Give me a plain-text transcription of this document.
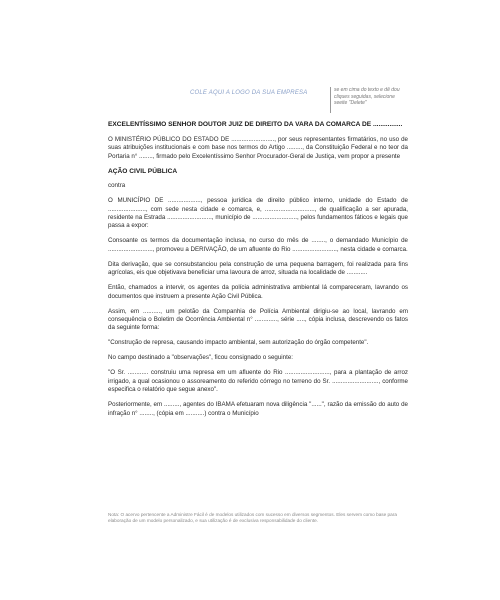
COLE AQUI A LOGO DA SUA EMPRESA	se em cima do texto e dê dou
cliques seguidas, selecione
seeite "Delete"

EXCELENTÍSSIMO SENHOR DOUTOR JUIZ DE DIREITO DA VARA DA COMARCA DE ................

O MINISTÉRIO PÚBLICO DO ESTADO DE ........................., por seus representantes firmatários, no uso de suas atribuições institucionais e com base nos termos do Artigo ........., da Constituição Federal e no teor da Portaria n° ........, firmado pelo Excelentíssimo Senhor Procurador-Geral de Justiça, vem propor a presente

AÇÃO CIVIL PÚBLICA

contra

O MUNICÍPIO DE ..................., pessoa jurídica de direito público interno, unidade do Estado de ......................, com sede nesta cidade e comarca, e, ............................., de qualificação a ser apurada, residente na Estrada .........................., município de .........................., pelos fundamentos fáticos e legais que passa a expor:

Consoante os termos da documentação inclusa, no curso do mês de ........, o demandado Município de .........................., promoveu a DERIVAÇÃO, de um afluente do Rio .........................., nesta cidade e comarca.

Dita derivação, que se consubstanciou pela construção de uma pequena barragem, foi realizada para fins agrícolas, eis que objetivava beneficiar uma lavoura de arroz, situada na localidade de ............

Então, chamados a intervir, os agentes da polícia administrativa ambiental lá compareceram, lavrando os documentos que instruem a presente Ação Civil Pública.

Assim, em .........., um pelotão da Companhia de Polícia Ambiental dirigiu-se ao local, lavrando em consequência o Boletim de Ocorrência Ambiental n° ............., série ....., cópia inclusa, descrevendo os fatos da seguinte forma:

"Construção de represa, causando impacto ambiental, sem autorização do órgão competente".

No campo destinado a "observações", ficou consignado o seguinte:

"O Sr. ............ construiu uma represa em um afluente do Rio .........................., para a plantação de arroz irrigado, a qual ocasionou o assoreamento do referido córrego no terreno do Sr. ..........................., conforme especifica o relatório que segue anexo".

Posteriormente, em ........., agentes do IBAMA efetuaram nova diligência "......", razão da emissão do auto de infração n° ........, (cópia em ...........) contra o Município

Nota: O acervo pertencente a Administre Fácil é de modelos utilizados com sucesso em diversos segmentos. Eles servem como base para elaboração de um modelo personalizado, e sua utilização é de exclusiva responsabilidade do cliente.
